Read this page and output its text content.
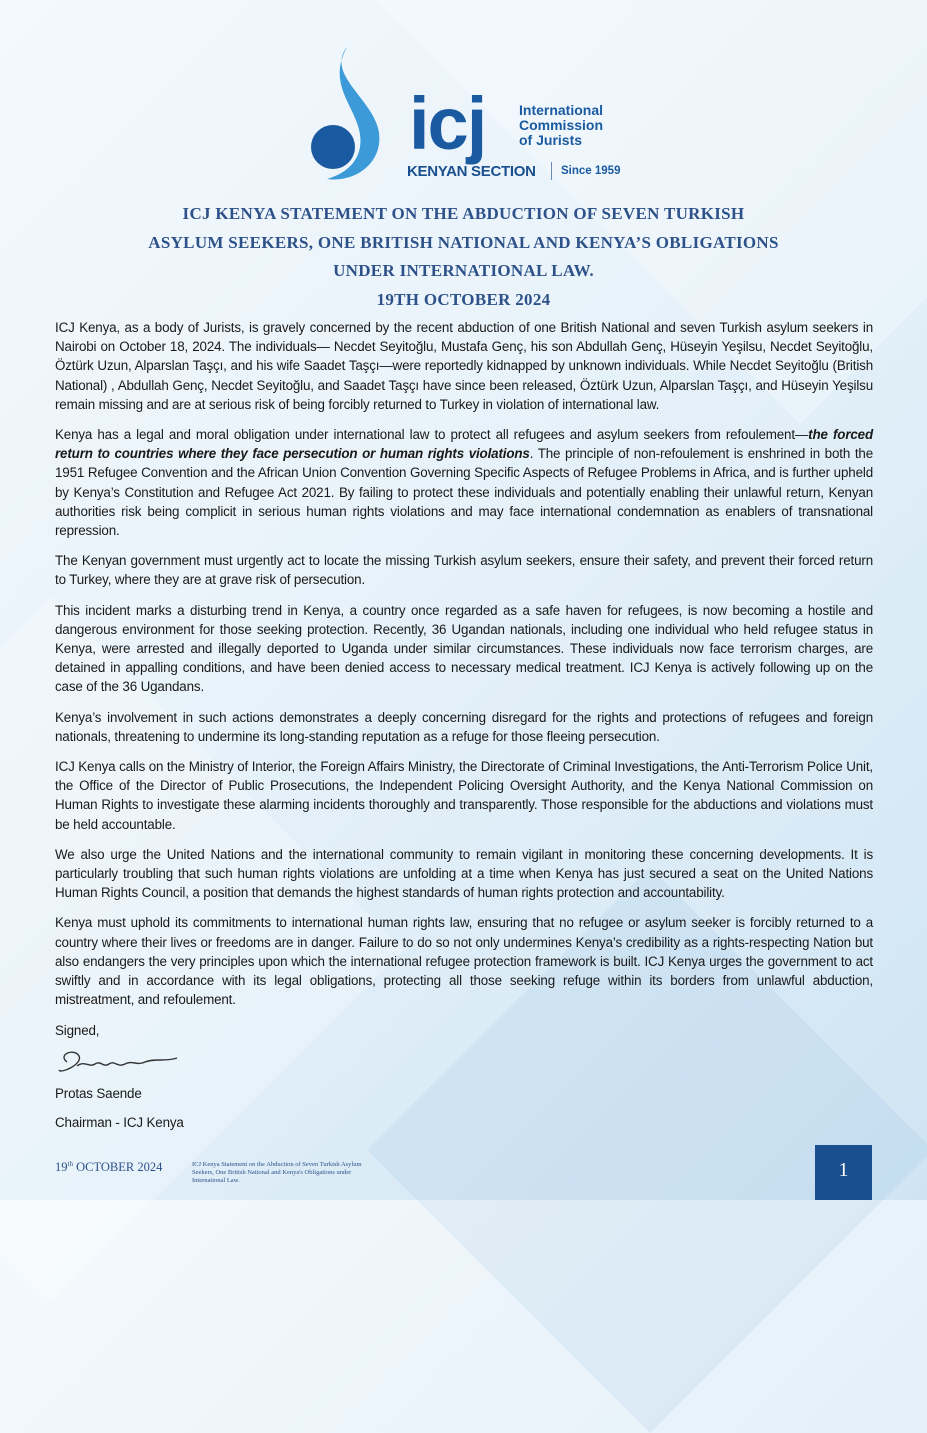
icj International
Commission
of Jurists
KENYAN SECTION Since 1959
ICJ KENYA STATEMENT ON THE ABDUCTION OF SEVEN TURKISH
ASYLUM SEEKERS, ONE BRITISH NATIONAL AND KENYA’S OBLIGATIONS
UNDER INTERNATIONAL LAW.
19TH OCTOBER 2024

ICJ Kenya, as a body of Jurists, is gravely concerned by the recent abduction of one British National and seven Turkish asylum seekers in Nairobi on October 18, 2024. The individuals— Necdet Seyitoğlu, Mustafa Genç, his son Abdullah Genç, Hüseyin Yeşilsu, Necdet Seyitoğlu, Öztürk Uzun, Alparslan Taşçı, and his wife Saadet Taşçı—were reportedly kidnapped by unknown individuals. While Necdet Seyitoğlu (British National) , Abdullah Genç, Necdet Seyitoğlu, and Saadet Taşçı have since been released, Öztürk Uzun, Alparslan Taşçı, and Hüseyin Yeşilsu remain missing and are at serious risk of being forcibly returned to Turkey in violation of international law.

Kenya has a legal and moral obligation under international law to protect all refugees and asylum seekers from refoulement—the forced return to countries where they face persecution or human rights violations. The principle of non-refoulement is enshrined in both the 1951 Refugee Convention and the African Union Convention Governing Specific Aspects of Refugee Problems in Africa, and is further upheld by Kenya’s Constitution and Refugee Act 2021. By failing to protect these individuals and potentially enabling their unlawful return, Kenyan authorities risk being complicit in serious human rights violations and may face international condemnation as enablers of transnational repression.

The Kenyan government must urgently act to locate the missing Turkish asylum seekers, ensure their safety, and prevent their forced return to Turkey, where they are at grave risk of persecution.

This incident marks a disturbing trend in Kenya, a country once regarded as a safe haven for refugees, is now becoming a hostile and dangerous environment for those seeking protection. Recently, 36 Ugandan nationals, including one individual who held refugee status in Kenya, were arrested and illegally deported to Uganda under similar circumstances. These individuals now face terrorism charges, are detained in appalling conditions, and have been denied access to necessary medical treatment. ICJ Kenya is actively following up on the case of the 36 Ugandans.

Kenya’s involvement in such actions demonstrates a deeply concerning disregard for the rights and protections of refugees and foreign nationals, threatening to undermine its long-standing reputation as a refuge for those fleeing persecution.

ICJ Kenya calls on the Ministry of Interior, the Foreign Affairs Ministry, the Directorate of Criminal Investigations, the Anti-Terrorism Police Unit, the Office of the Director of Public Prosecutions, the Independent Policing Oversight Authority, and the Kenya National Commission on Human Rights to investigate these alarming incidents thoroughly and transparently. Those responsible for the abductions and violations must be held accountable.

We also urge the United Nations and the international community to remain vigilant in monitoring these concerning developments. It is particularly troubling that such human rights violations are unfolding at a time when Kenya has just secured a seat on the United Nations Human Rights Council, a position that demands the highest standards of human rights protection and accountability.

Kenya must uphold its commitments to international human rights law, ensuring that no refugee or asylum seeker is forcibly returned to a country where their lives or freedoms are in danger. Failure to do so not only undermines Kenya’s credibility as a rights-respecting Nation but also endangers the very principles upon which the international refugee protection framework is built. ICJ Kenya urges the government to act swiftly and in accordance with its legal obligations, protecting all those seeking refuge within its borders from unlawful abduction, mistreatment, and refoulement.

Signed,

Protas Saende

Chairman - ICJ Kenya

19th OCTOBER 2024	ICJ Kenya Statement on the Abduction of Seven Turkish Asylum Seekers, One British National and Kenya's Obligations under International Law.	1
